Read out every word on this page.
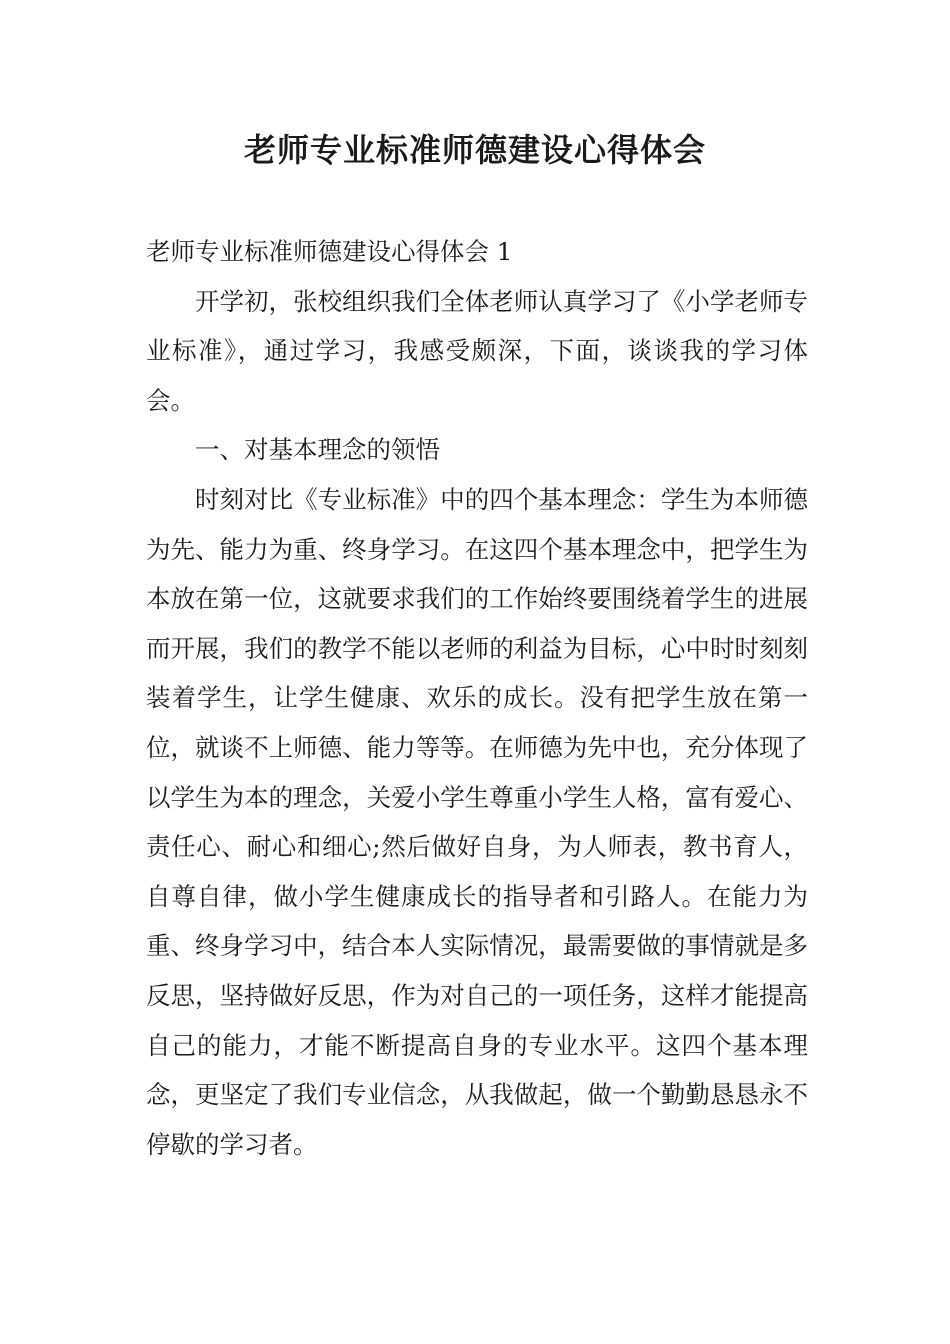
老师专业标准师德建设心得体会

老师专业标准师德建设心得体会 1

开学初，张校组织我们全体老师认真学习了《小学老师专业标准》，通过学习，我感受颇深，下面，谈谈我的学习体会。

一、对基本理念的领悟

时刻对比《专业标准》中的四个基本理念：学生为本师德为先、能力为重、终身学习。在这四个基本理念中，把学生为本放在第一位，这就要求我们的工作始终要围绕着学生的进展而开展，我们的教学不能以老师的利益为目标，心中时时刻刻装着学生，让学生健康、欢乐的成长。没有把学生放在第一位，就谈不上师德、能力等等。在师德为先中也，充分体现了以学生为本的理念，关爱小学生尊重小学生人格，富有爱心、责任心、耐心和细心;然后做好自身，为人师表，教书育人，自尊自律，做小学生健康成长的指导者和引路人。在能力为重、终身学习中，结合本人实际情况，最需要做的事情就是多反思，坚持做好反思，作为对自己的一项任务，这样才能提高自己的能力，才能不断提高自身的专业水平。这四个基本理念，更坚定了我们专业信念，从我做起，做一个勤勤恳恳永不停歇的学习者。
